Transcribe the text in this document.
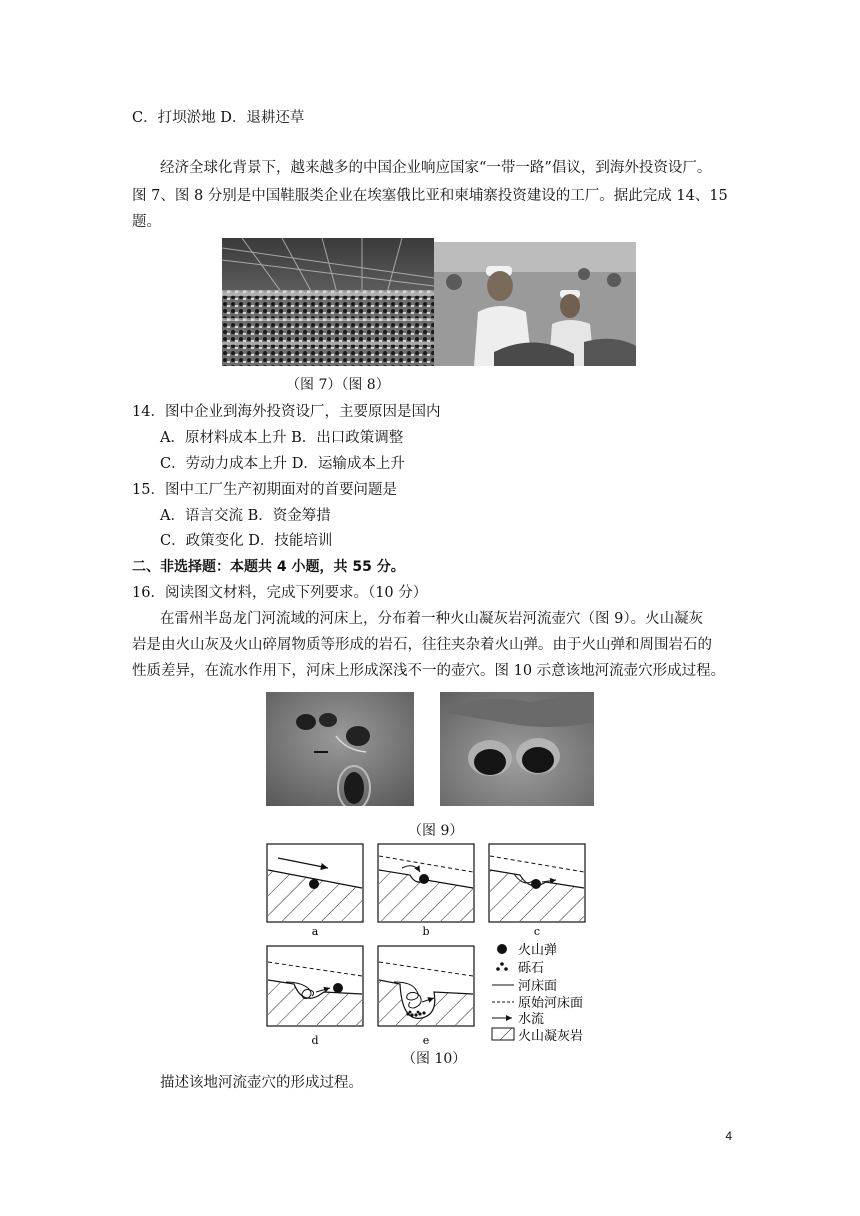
C．打坝淤地 D．退耕还草
经济全球化背景下，越来越多的中国企业响应国家“一带一路”倡议，到海外投资设厂。
图 7、图 8 分别是中国鞋服类企业在埃塞俄比亚和柬埔寨投资建设的工厂。据此完成 14、15
题。
（图 7）（图 8）
14．图中企业到海外投资设厂，主要原因是国内
A．原材料成本上升 B．出口政策调整
C．劳动力成本上升 D．运输成本上升
15．图中工厂生产初期面对的首要问题是
A．语言交流 B．资金筹措
C．政策变化 D．技能培训
二、非选择题：本题共 4 小题，共 55 分。
16．阅读图文材料，完成下列要求。（10 分）
在雷州半岛龙门河流域的河床上，分布着一种火山凝灰岩河流壶穴（图 9）。火山凝灰
岩是由火山灰及火山碎屑物质等形成的岩石，往往夹杂着火山弹。由于火山弹和周围岩石的
性质差异，在流水作用下，河床上形成深浅不一的壶穴。图 10 示意该地河流壶穴形成过程。
（图 9）
a	b	c
火山弹
砾石
河床面
原始河床面
水流
火山凝灰岩
d	e
（图 10）
描述该地河流壶穴的形成过程。
4
